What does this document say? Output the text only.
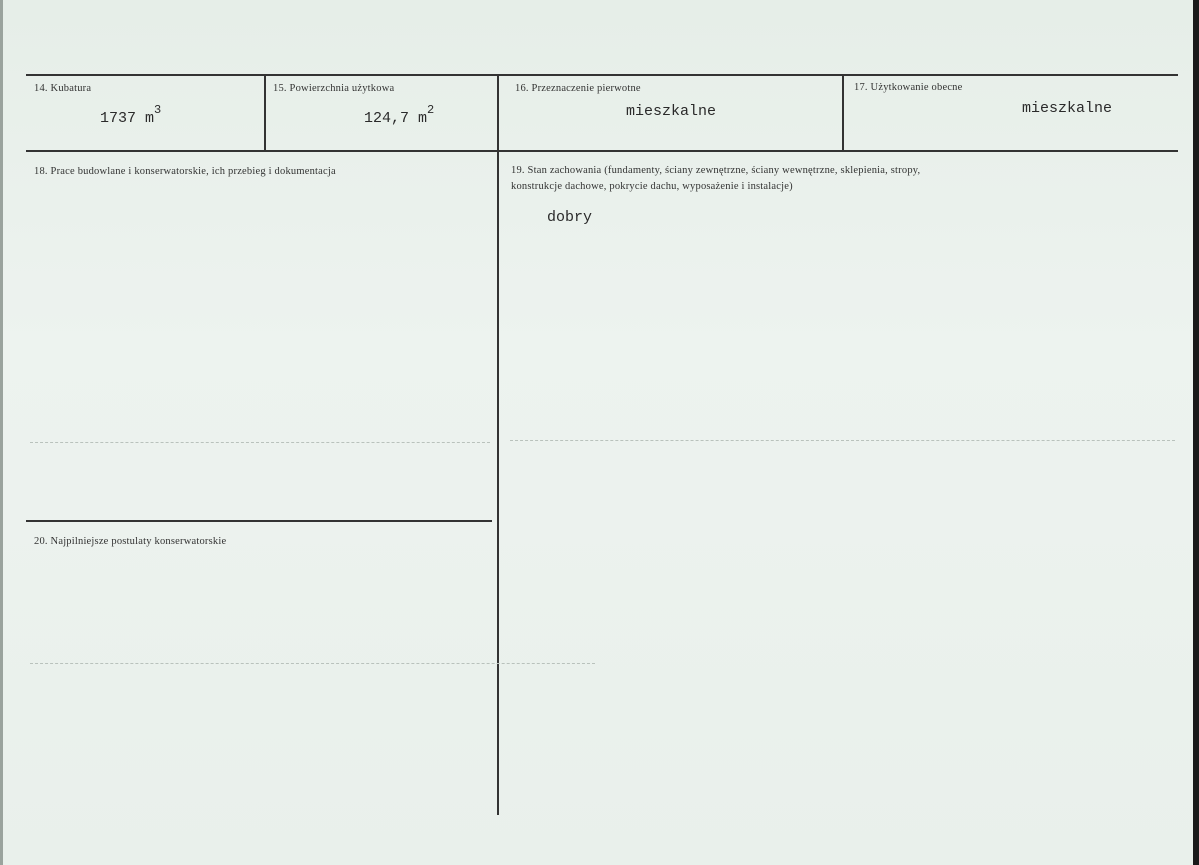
14. Kubatura
1737 $m^3$
15. Powierzchnia użytkowa
124,7 $m^2$
16. Przeznaczenie pierwotne
mieszkalne
17. Użytkowanie obecne
mieszkalne
18. Prace budowlane i konserwatorskie, ich przebieg i dokumentacja	19. Stan zachowania (fundamenty, ściany zewnętrzne, ściany wewnętrzne, sklepienia, stropy,
konstrukcje dachowe, pokrycie dachu, wyposażenie i instalacje)
dobry
20. Najpilniejsze postulaty konserwatorskie
